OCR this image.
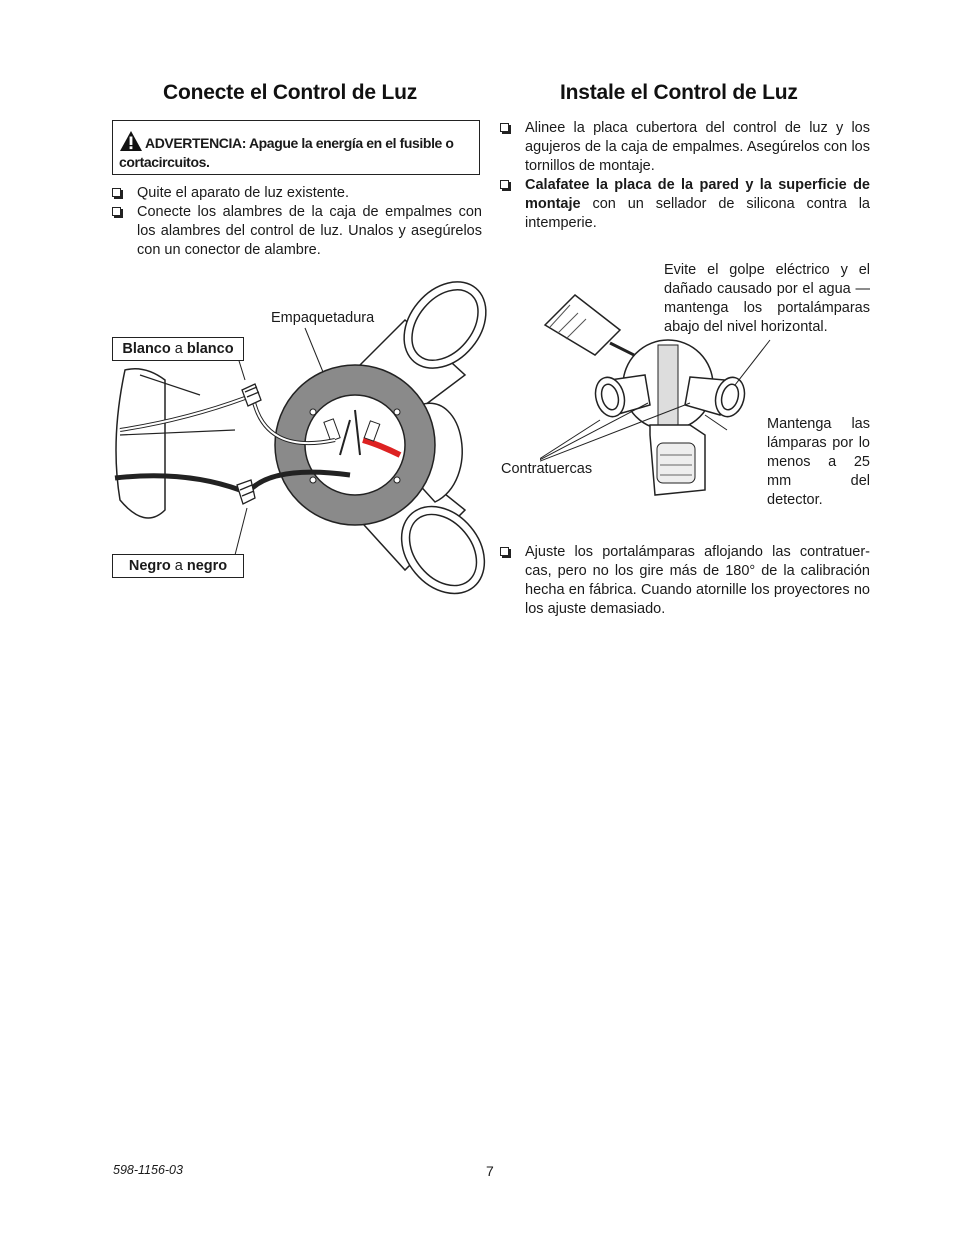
Conecte el Control de Luz
ADVERTENCIA: Apague la energía en el fusible o cortacircuitos.
Quite el aparato de luz existente.
Conecte los alambres de la caja de empalmes con los alambres del control de luz. Unalos y asegúrelos con un conector de alambre.
Empaquetadura
Blanco a blanco
Negro a negro
Instale el Control de Luz
Alinee la placa cubertora del control de luz y los agujeros de la caja de empalmes. Asegúrelos con los tornillos de montaje.
Calafatee la placa de la pared y la superficie de montaje con un sellador de silicona contra la intemperie.
Evite el golpe eléctrico y el dañado causado por el agua —mantenga los portalámparas abajo del nivel horizontal.
Mantenga las lámparas por lo menos a 25 mm del detector.
Contratuercas
Ajuste los portalámparas aflojando las contratuer-cas, pero no los gire más de 180° de la calibración hecha en fábrica. Cuando atornille los proyectores no los ajuste demasiado.
598-1156-03	7
